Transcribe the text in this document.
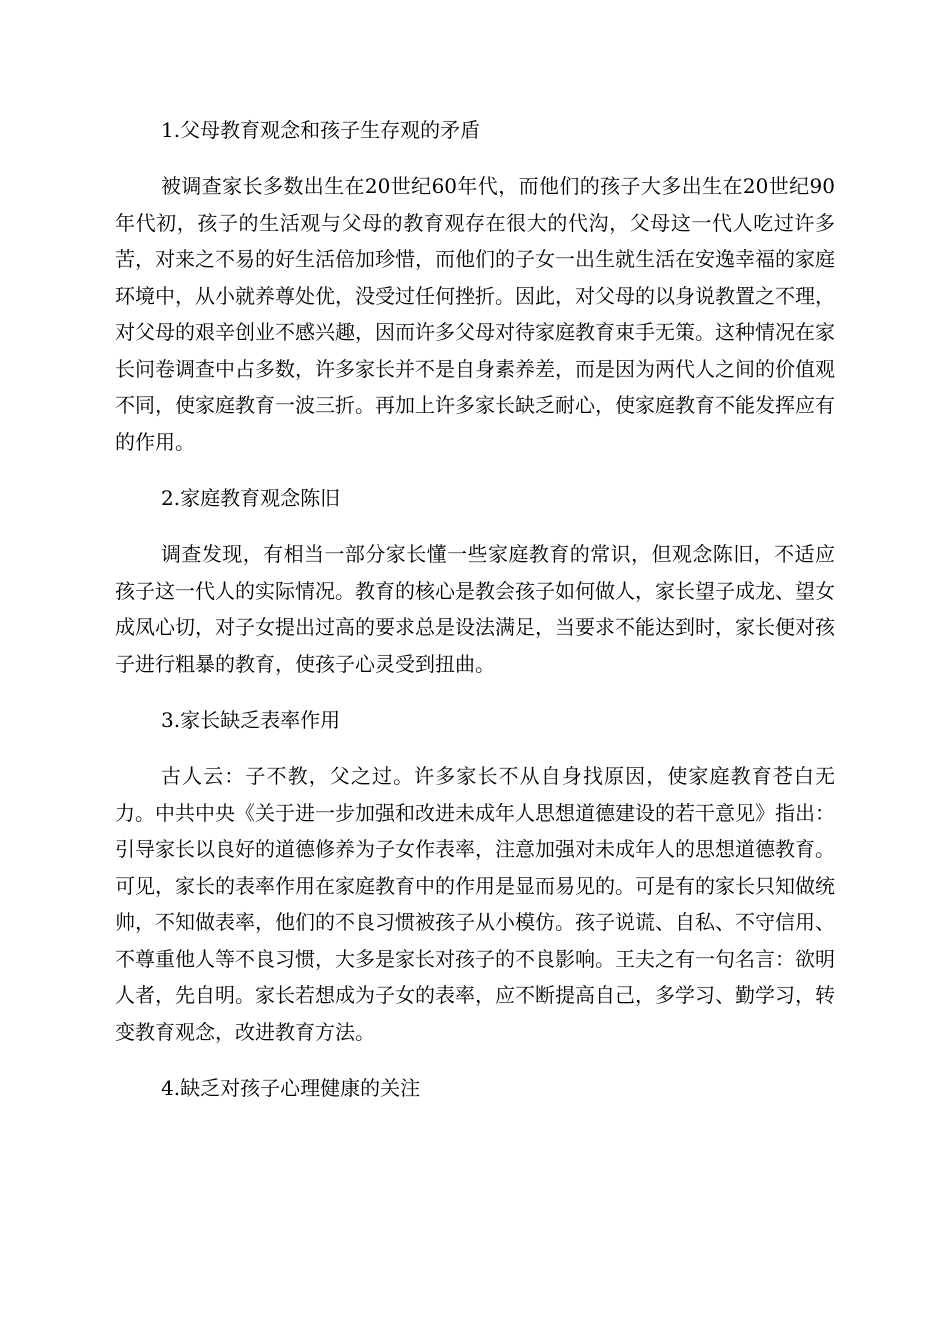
1.父母教育观念和孩子生存观的矛盾
被调查家长多数出生在20世纪60年代，而他们的孩子大多出生在20世纪90年代初，孩子的生活观与父母的教育观存在很大的代沟，父母这一代人吃过许多苦，对来之不易的好生活倍加珍惜，而他们的子女一出生就生活在安逸幸福的家庭环境中，从小就养尊处优，没受过任何挫折。因此，对父母的以身说教置之不理，对父母的艰辛创业不感兴趣，因而许多父母对待家庭教育束手无策。这种情况在家长问卷调查中占多数，许多家长并不是自身素养差，而是因为两代人之间的价值观不同，使家庭教育一波三折。再加上许多家长缺乏耐心，使家庭教育不能发挥应有的作用。
2.家庭教育观念陈旧
调查发现，有相当一部分家长懂一些家庭教育的常识，但观念陈旧，不适应孩子这一代人的实际情况。教育的核心是教会孩子如何做人，家长望子成龙、望女成凤心切，对子女提出过高的要求总是设法满足，当要求不能达到时，家长便对孩子进行粗暴的教育，使孩子心灵受到扭曲。
3.家长缺乏表率作用
古人云：子不教，父之过。许多家长不从自身找原因，使家庭教育苍白无力。中共中央《关于进一步加强和改进未成年人思想道德建设的若干意见》指出：引导家长以良好的道德修养为子女作表率，注意加强对未成年人的思想道德教育。可见，家长的表率作用在家庭教育中的作用是显而易见的。可是有的家长只知做统帅，不知做表率，他们的不良习惯被孩子从小模仿。孩子说谎、自私、不守信用、不尊重他人等不良习惯，大多是家长对孩子的不良影响。王夫之有一句名言：欲明人者，先自明。家长若想成为子女的表率，应不断提高自己，多学习、勤学习，转变教育观念，改进教育方法。
4.缺乏对孩子心理健康的关注
